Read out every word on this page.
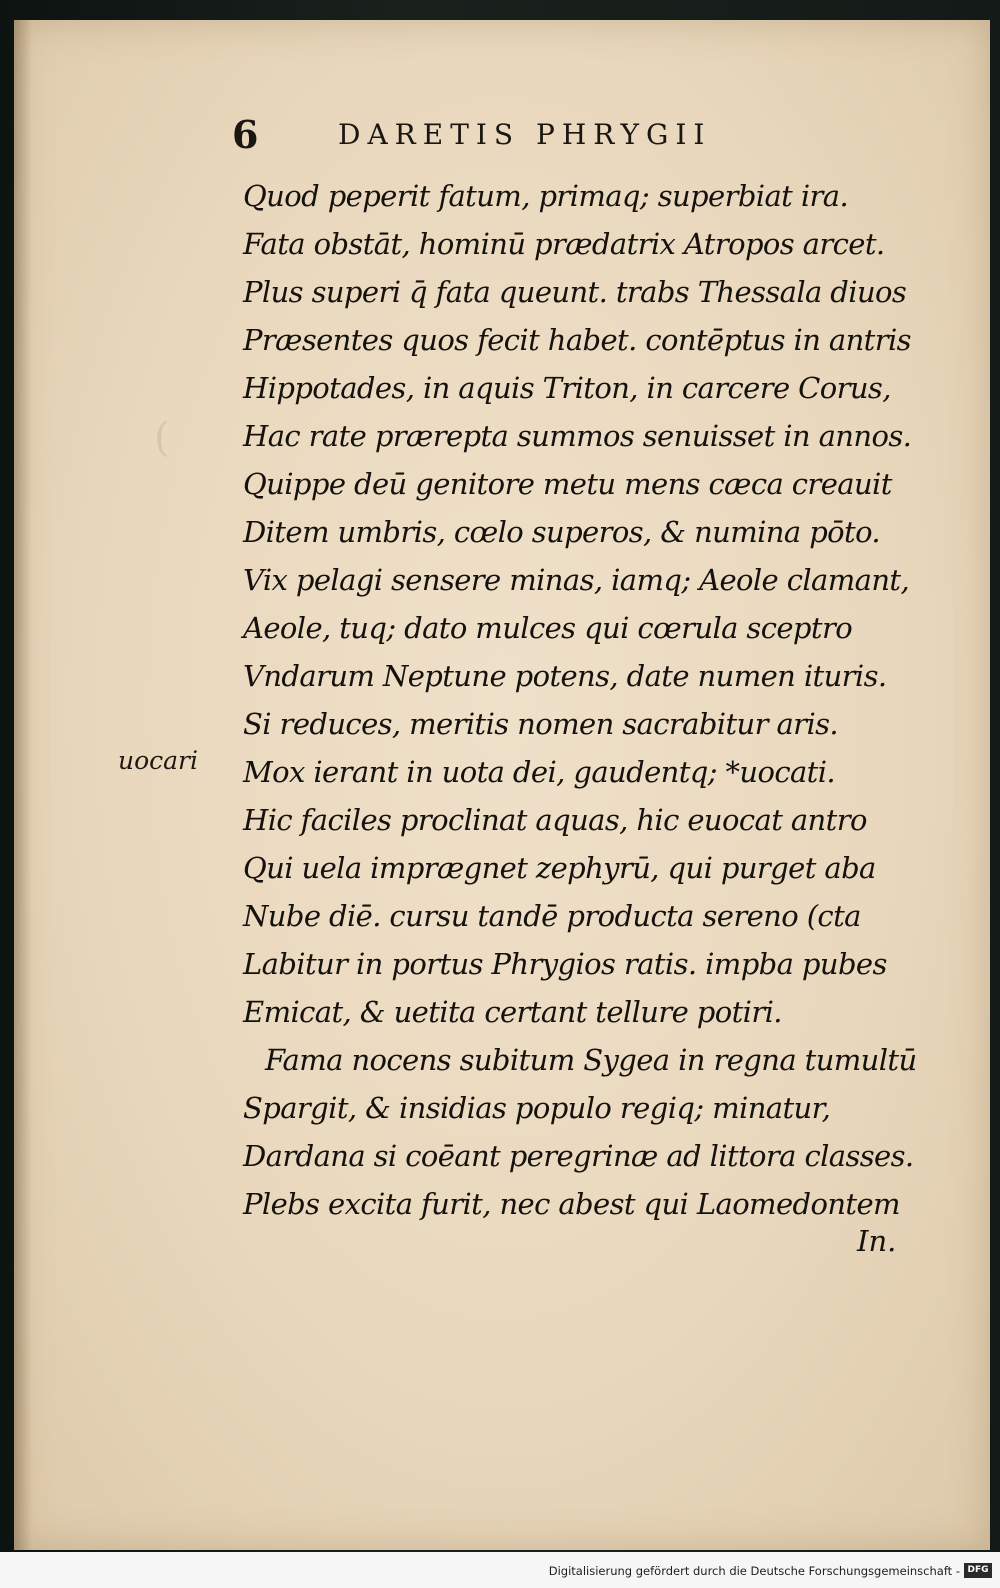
(
6	DARETIS PHRYGII
uocari
Quod peperit fatum, primaq; superbiat ira.
Fata obstāt, hominū prædatrix Atropos arcet.
Plus superi q̄ fata queunt. trabs Thessala diuos
Præsentes quos fecit habet. contēptus in antris
Hippotades, in aquis Triton, in carcere Corus,
Hac rate prærepta summos senuisset in annos.
Quippe deū genitore metu mens cæca creauit
Ditem umbris, cœlo superos, & numina pōto.
Vix pelagi sensere minas, iamq; Aeole clamant,
Aeole, tuq; dato mulces qui cœrula sceptro
Vndarum Neptune potens, date numen ituris.
Si reduces, meritis nomen sacrabitur aris.
Mox ierant in uota dei, gaudentq; *uocati.
Hic faciles proclinat aquas, hic euocat antro
Qui uela imprægnet zephyrū, qui purget aba
Nube diē. cursu tandē producta sereno (cta
Labitur in portus Phrygios ratis. impba pubes
Emicat, & uetita certant tellure potiri.
Fama nocens subitum Sygea in regna tumultū
Spargit, & insidias populo regiq; minatur,
Dardana si coēant peregrinæ ad littora classes.
Plebs excita furit, nec abest qui Laomedontem
In.
Digitalisierung gefördert durch die Deutsche Forschungsgemeinschaft - DFG
